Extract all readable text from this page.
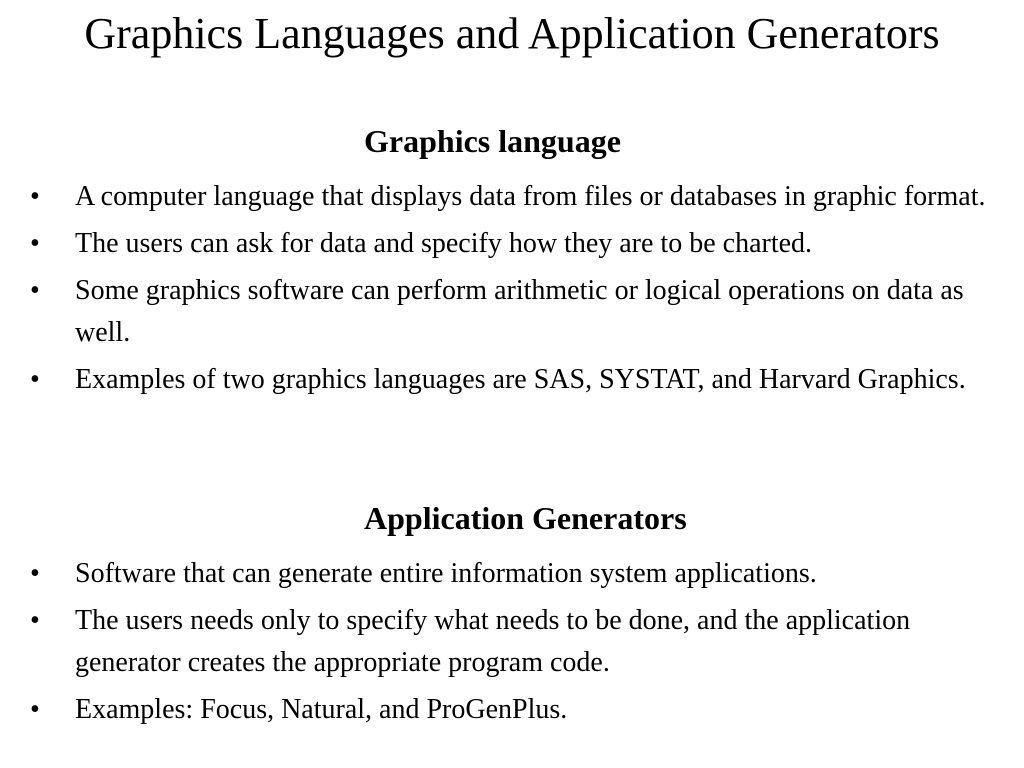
Graphics Languages and Application Generators
Graphics language
•	A computer language that displays data from files or databases in graphic format.
•	The users can ask for data and specify how they are to be charted.
•	Some graphics software can perform arithmetic or logical operations on data as well.
•	Examples of two graphics languages are SAS, SYSTAT, and Harvard Graphics.
Application Generators
•	Software that can generate entire information system applications.
•	The users needs only to specify what needs to be done, and the application generator creates the appropriate program code.
•	Examples: Focus, Natural, and ProGenPlus.
